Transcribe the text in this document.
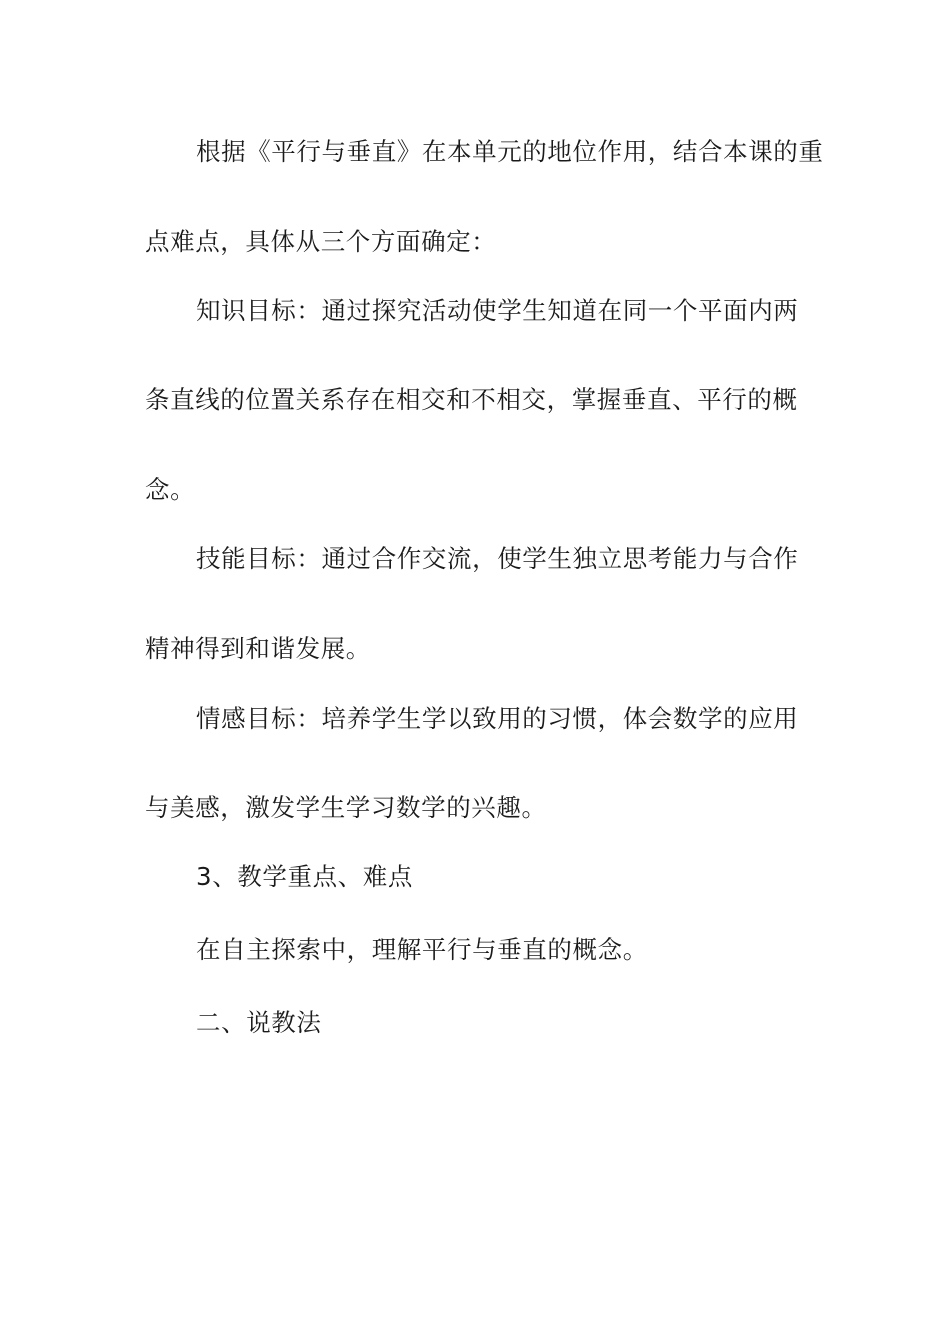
根据《平行与垂直》在本单元的地位作用，结合本课的重
点难点，具体从三个方面确定：
知识目标：通过探究活动使学生知道在同一个平面内两
条直线的位置关系存在相交和不相交，掌握垂直、平行的概
念。
技能目标：通过合作交流，使学生独立思考能力与合作
精神得到和谐发展。
情感目标：培养学生学以致用的习惯，体会数学的应用
与美感，激发学生学习数学的兴趣。
3、教学重点、难点
在自主探索中，理解平行与垂直的概念。
二、说教法
